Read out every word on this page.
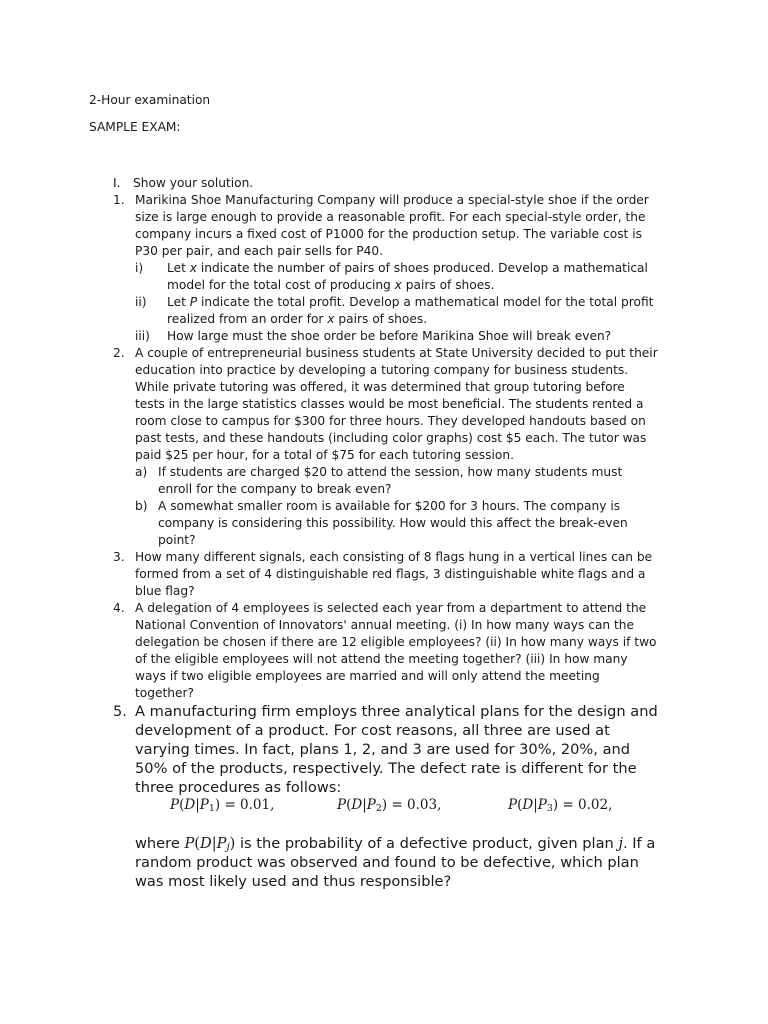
2-Hour examination
SAMPLE EXAM:
I. Show your solution.
1. Marikina Shoe Manufacturing Company will produce a special-style shoe if the order
size is large enough to provide a reasonable profit. For each special-style order, the
company incurs a fixed cost of P1000 for the production setup. The variable cost is
P30 per pair, and each pair sells for P40.
i) Let x indicate the number of pairs of shoes produced. Develop a mathematical
model for the total cost of producing x pairs of shoes.
ii) Let P indicate the total profit. Develop a mathematical model for the total profit
realized from an order for x pairs of shoes.
iii) How large must the shoe order be before Marikina Shoe will break even?
2. A couple of entrepreneurial business students at State University decided to put their
education into practice by developing a tutoring company for business students.
While private tutoring was offered, it was determined that group tutoring before
tests in the large statistics classes would be most beneficial. The students rented a
room close to campus for $300 for three hours. They developed handouts based on
past tests, and these handouts (including color graphs) cost $5 each. The tutor was
paid $25 per hour, for a total of $75 for each tutoring session.
a) If students are charged $20 to attend the session, how many students must
enroll for the company to break even?
b) A somewhat smaller room is available for $200 for 3 hours. The company is
company is considering this possibility. How would this affect the break-even
point?
3. How many different signals, each consisting of 8 flags hung in a vertical lines can be
formed from a set of 4 distinguishable red flags, 3 distinguishable white flags and a
blue flag?
4. A delegation of 4 employees is selected each year from a department to attend the
National Convention of Innovators' annual meeting. (i) In how many ways can the
delegation be chosen if there are 12 eligible employees? (ii) In how many ways if two
of the eligible employees will not attend the meeting together? (iii) In how many
ways if two eligible employees are married and will only attend the meeting
together?
5. A manufacturing firm employs three analytical plans for the design and
development of a product. For cost reasons, all three are used at
varying times. In fact, plans 1, 2, and 3 are used for 30%, 20%, and
50% of the products, respectively. The defect rate is different for the
three procedures as follows:
$P(D|P_1) = 0.01$,	$P(D|P_2) = 0.03$,	$P(D|P_3) = 0.02$,
where $P(D|P_j)$ is the probability of a defective product, given plan j. If a
random product was observed and found to be defective, which plan
was most likely used and thus responsible?
